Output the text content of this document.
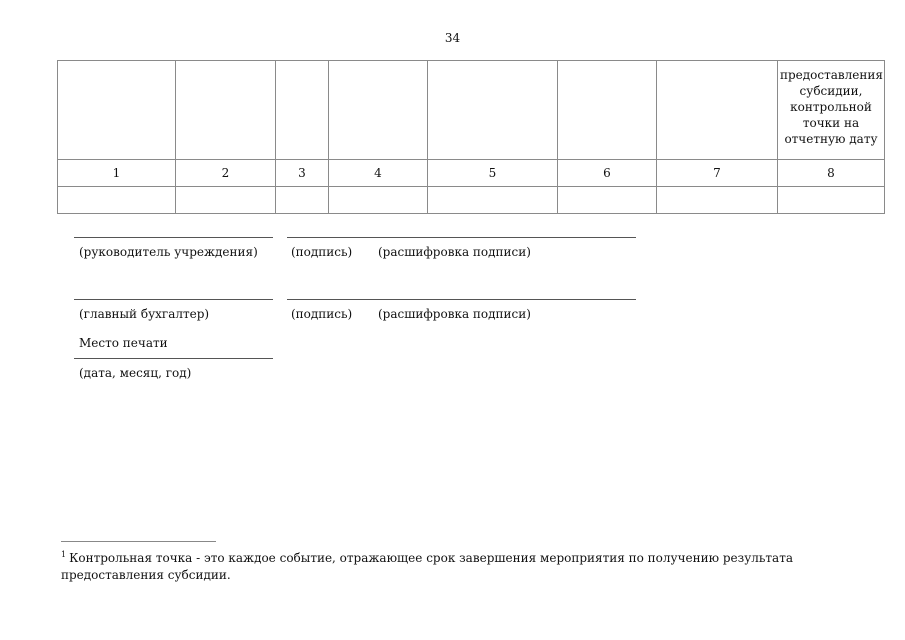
34

							предоставления
субсидии,
контрольной
точки на
отчетную дату

1	2	3	4	5	6	7	8

(руководитель учреждения)	(подпись) (расшифровка подписи)
(главный бухгалтер)	(подпись) (расшифровка подписи)
Место печати
(дата, месяц, год)
$^1$ Контрольная точка - это каждое событие, отражающее срок завершения мероприятия по получению результата предоставления субсидии.
